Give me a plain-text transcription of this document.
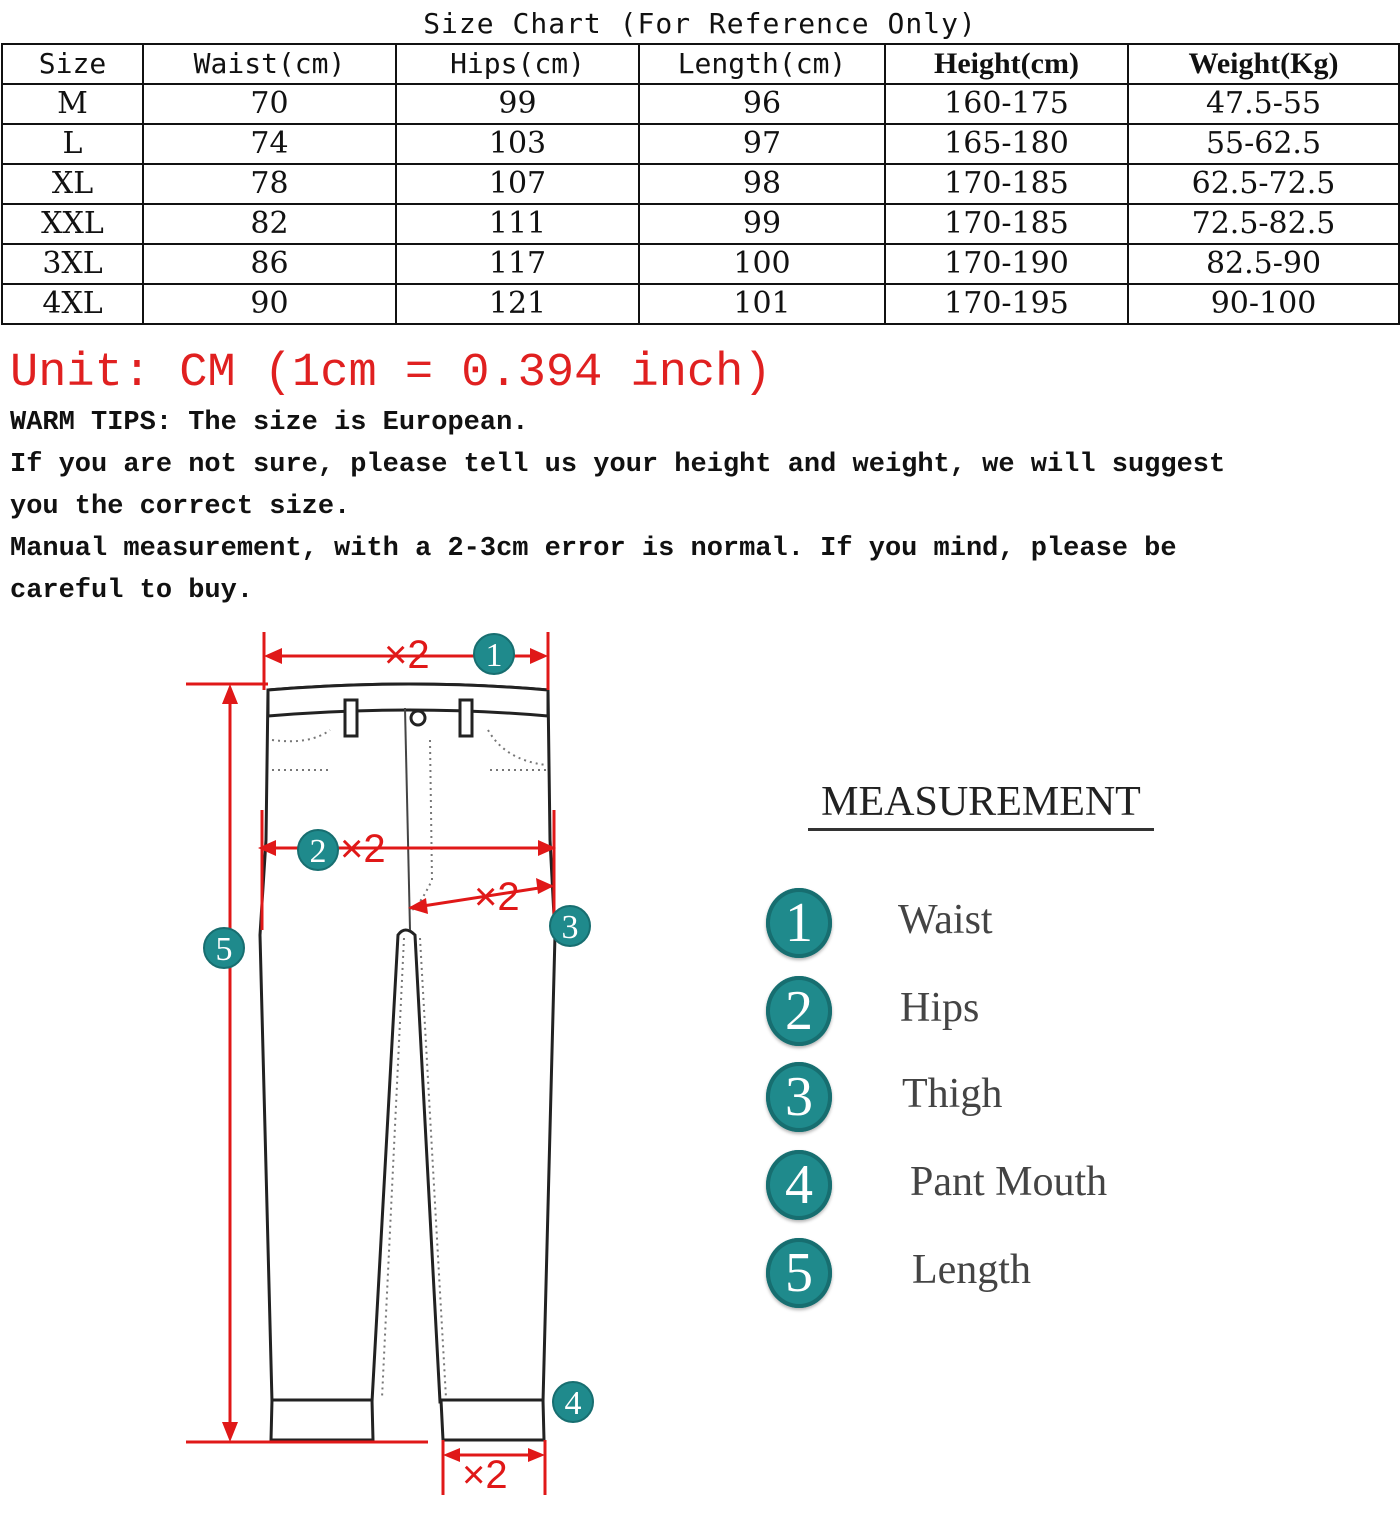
Size Chart (For Reference Only)
Size	Waist(cm)	Hips(cm)	Length(cm)	Height(cm)	Weight(Kg)
M	70	99	96	160-175	47.5-55
L	74	103	97	165-180	55-62.5
XL	78	107	98	170-185	62.5-72.5
XXL	82	111	99	170-185	72.5-82.5
3XL	86	117	100	170-190	82.5-90
4XL	90	121	101	170-195	90-100
Unit: CM (1cm = 0.394 inch)
WARM TIPS: The size is European.
If you are not sure, please tell us your height and weight, we will suggest
you the correct size.
Manual measurement, with a 2-3cm error is normal. If you mind, please be
careful to buy.
×2
×2
×2
×2
1
2
3
4
5
MEASUREMENT
1	Waist
2	Hips
3	Thigh
4	Pant Mouth
5	Length
